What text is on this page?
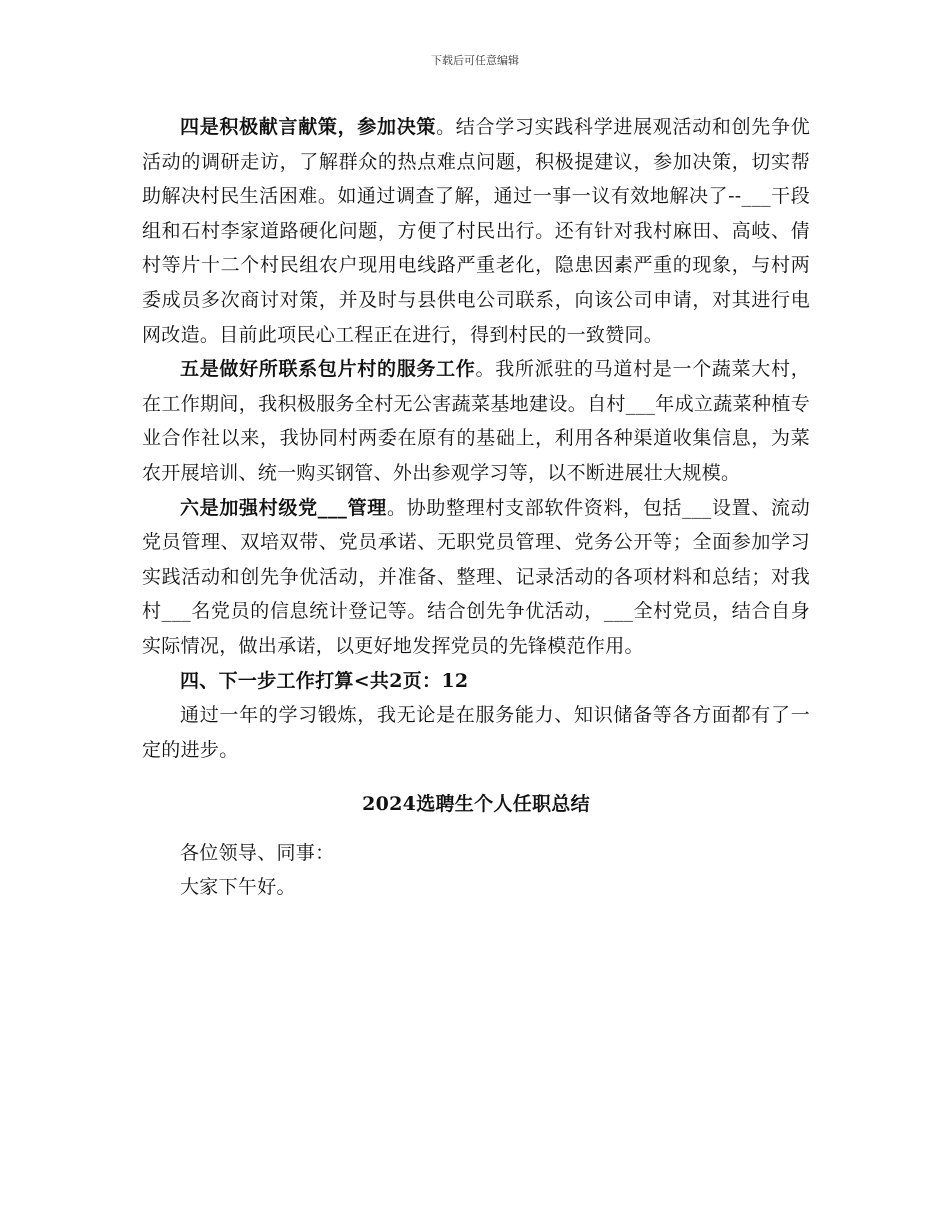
下载后可任意编辑

四是积极献言献策，参加决策。结合学习实践科学进展观活动和创先争优活动的调研走访，了解群众的热点难点问题，积极提建议，参加决策，切实帮助解决村民生活困难。如通过调查了解，通过一事一议有效地解决了--___干段组和石村李家道路硬化问题，方便了村民出行。还有针对我村麻田、高岐、倩村等片十二个村民组农户现用电线路严重老化，隐患因素严重的现象，与村两委成员多次商讨对策，并及时与县供电公司联系，向该公司申请，对其进行电网改造。目前此项民心工程正在进行，得到村民的一致赞同。

五是做好所联系包片村的服务工作。我所派驻的马道村是一个蔬菜大村，在工作期间，我积极服务全村无公害蔬菜基地建设。自村___年成立蔬菜种植专业合作社以来，我协同村两委在原有的基础上，利用各种渠道收集信息，为菜农开展培训、统一购买钢管、外出参观学习等，以不断进展壮大规模。

六是加强村级党___管理。协助整理村支部软件资料，包括___设置、流动党员管理、双培双带、党员承诺、无职党员管理、党务公开等；全面参加学习实践活动和创先争优活动，并准备、整理、记录活动的各项材料和总结；对我村___名党员的信息统计登记等。结合创先争优活动，___全村党员，结合自身实际情况，做出承诺，以更好地发挥党员的先锋模范作用。

四、下一步工作打算<共2页：12

通过一年的学习锻炼，我无论是在服务能力、知识储备等各方面都有了一定的进步。

2024选聘生个人任职总结

各位领导、同事：

大家下午好。
